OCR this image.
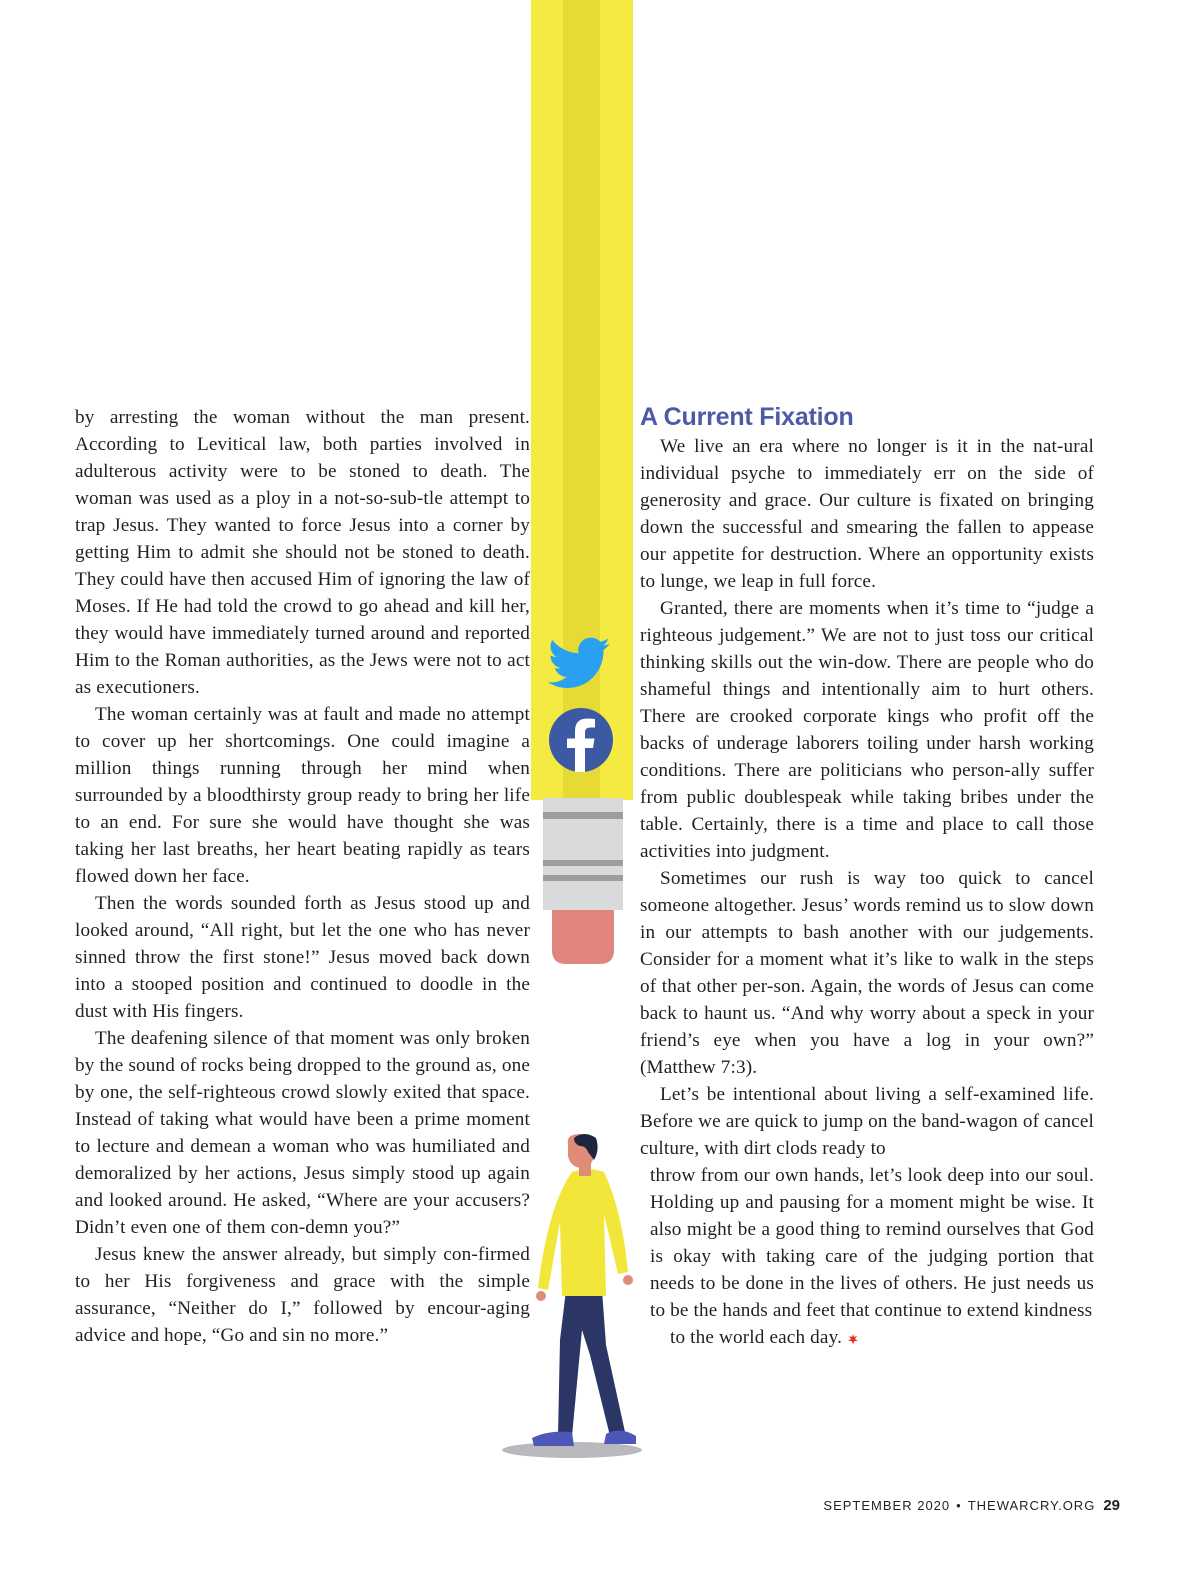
by arresting the woman without the man present. According to Levitical law, both parties involved in adulterous activity were to be stoned to death. The woman was used as a ploy in a not-so-sub-tle attempt to trap Jesus. They wanted to force Jesus into a corner by getting Him to admit she should not be stoned to death. They could have then accused Him of ignoring the law of Moses. If He had told the crowd to go ahead and kill her, they would have immediately turned around and reported Him to the Roman authorities, as the Jews were not to act as executioners.

The woman certainly was at fault and made no attempt to cover up her shortcomings. One could imagine a million things running through her mind when surrounded by a bloodthirsty group ready to bring her life to an end. For sure she would have thought she was taking her last breaths, her heart beating rapidly as tears flowed down her face.

Then the words sounded forth as Jesus stood up and looked around, “All right, but let the one who has never sinned throw the first stone!” Jesus moved back down into a stooped position and continued to doodle in the dust with His fingers.

The deafening silence of that moment was only broken by the sound of rocks being dropped to the ground as, one by one, the self-righteous crowd slowly exited that space. Instead of taking what would have been a prime moment to lecture and demean a woman who was humiliated and demoralized by her actions, Jesus simply stood up again and looked around. He asked, “Where are your accusers? Didn’t even one of them con-demn you?”

Jesus knew the answer already, but simply con-firmed to her His forgiveness and grace with the simple assurance, “Neither do I,” followed by encour-aging advice and hope, “Go and sin no more.”

A Current Fixation

We live an era where no longer is it in the nat-ural individual psyche to immediately err on the side of generosity and grace. Our culture is fixated on bringing down the successful and smearing the fallen to appease our appetite for destruction. Where an opportunity exists to lunge, we leap in full force.

Granted, there are moments when it’s time to “judge a righteous judgement.” We are not to just toss our critical thinking skills out the win-dow. There are people who do shameful things and intentionally aim to hurt others. There are crooked corporate kings who profit off the backs of underage laborers toiling under harsh working conditions. There are politicians who person-ally suffer from public doublespeak while taking bribes under the table. Certainly, there is a time and place to call those activities into judgment.

Sometimes our rush is way too quick to cancel someone altogether. Jesus’ words remind us to slow down in our attempts to bash another with our judgements. Consider for a moment what it’s like to walk in the steps of that other per-son. Again, the words of Jesus can come back to haunt us. “And why worry about a speck in your friend’s eye when you have a log in your own?” (Matthew 7:3).

Let’s be intentional about living a self-examined life. Before we are quick to jump on the band-wagon of cancel culture, with dirt clods ready to

throw from our own hands, let’s look deep into our soul. Holding up and pausing for a moment might be wise. It also might be a good thing to remind ourselves that God is okay with taking care of the judging portion that needs to be done in the lives of others. He just needs us to be the hands and feet that continue to extend kindness

to the world each day.

SEPTEMBER 2020 • THEWARCRY.ORG 29
